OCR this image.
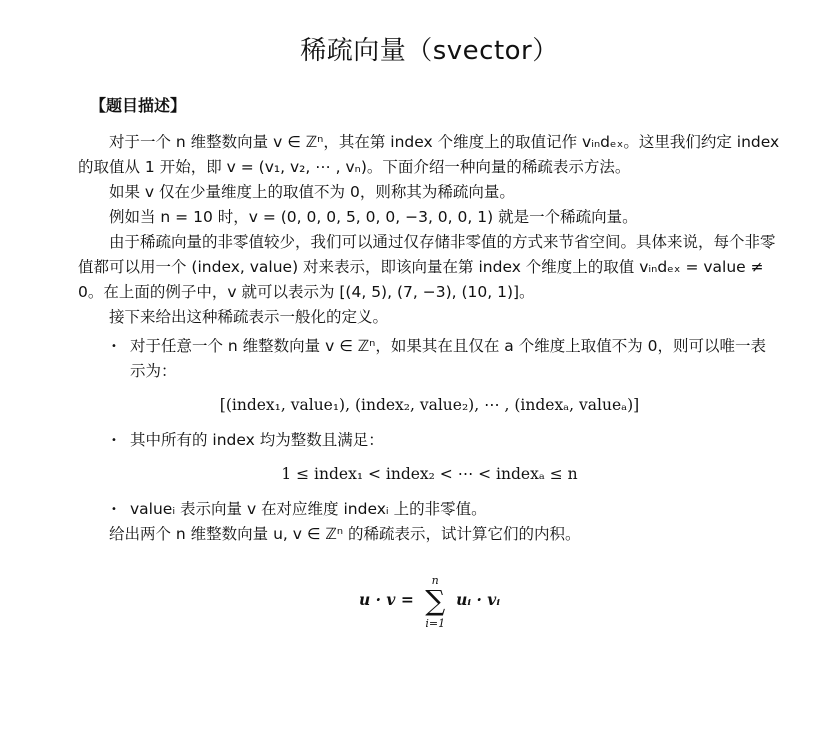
稀疏向量（svector）
【题目描述】

对于一个 n 维整数向量 v ∈ ℤⁿ，其在第 index 个维度上的取值记作 vᵢₙdₑₓ。这里我们约定 index 的取值从 1 开始，即 v = (v₁, v₂, ⋯ , vₙ)。下面介绍一种向量的稀疏表示方法。

如果 v 仅在少量维度上的取值不为 0，则称其为稀疏向量。

例如当 n = 10 时，v = (0, 0, 0, 5, 0, 0, −3, 0, 0, 1) 就是一个稀疏向量。

由于稀疏向量的非零值较少，我们可以通过仅存储非零值的方式来节省空间。具体来说，每个非零值都可以用一个 (index, value) 对来表示，即该向量在第 index 个维度上的取值 vᵢₙdₑₓ = value ≠ 0。在上面的例子中，v 就可以表示为 [(4, 5), (7, −3), (10, 1)]。

接下来给出这种稀疏表示一般化的定义。

• 对于任意一个 n 维整数向量 v ∈ ℤⁿ，如果其在且仅在 a 个维度上取值不为 0，则可以唯一表示为：
[(index₁, value₁), (index₂, value₂), ⋯ , (indexₐ, valueₐ)]
• 其中所有的 index 均为整数且满足：
1 ≤ index₁ < index₂ < ⋯ < indexₐ ≤ n
• valueᵢ 表示向量 v 在对应维度 indexᵢ 上的非零值。

给出两个 n 维整数向量 u, v ∈ ℤⁿ 的稀疏表示，试计算它们的内积。

u · v =
n
∑
i=1
uᵢ · vᵢ
